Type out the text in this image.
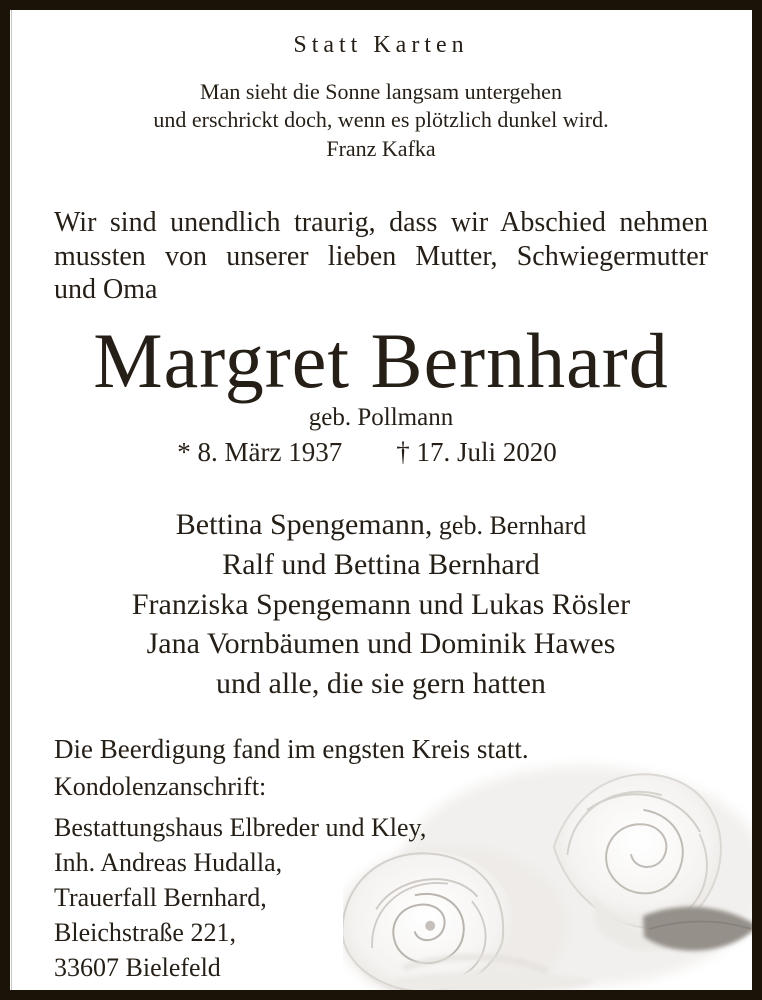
Statt Karten
Man sieht die Sonne langsam untergehen
und erschrickt doch, wenn es plötzlich dunkel wird.
Franz Kafka
Wir sind unendlich traurig, dass wir Abschied nehmen
mussten von unserer lieben Mutter, Schwiegermutter
und Oma
Margret Bernhard
geb. Pollmann
* 8. März 1937 † 17. Juli 2020
Bettina Spengemann, geb. Bernhard
Ralf und Bettina Bernhard
Franziska Spengemann und Lukas Rösler
Jana Vornbäumen und Dominik Hawes
und alle, die sie gern hatten
Die Beerdigung fand im engsten Kreis statt.
Kondolenzanschrift:
Bestattungshaus Elbreder und Kley,
Inh. Andreas Hudalla,
Trauerfall Bernhard,
Bleichstraße 221,
33607 Bielefeld
